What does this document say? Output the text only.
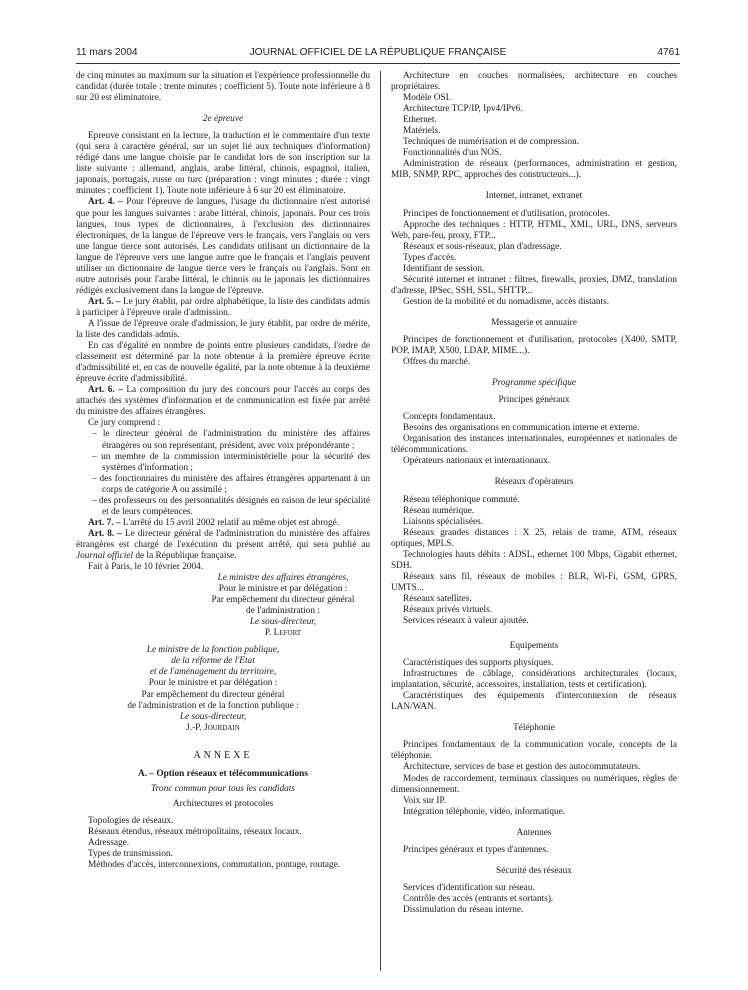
11 mars 2004	JOURNAL OFFICIEL DE LA RÉPUBLIQUE FRANÇAISE	4761

de cinq minutes au maximum sur la situation et l'expérience professionnelle du candidat (durée totale : trente minutes ; coefficient 5). Toute note inférieure à 8 sur 20 est éliminatoire.

2e épreuve

Epreuve consistant en la lecture, la traduction et le commentaire d'un texte (qui sera à caractère général, sur un sujet lié aux techniques d'information) rédigé dans une langue choisie par le candidat lors de son inscription sur la liste suivante : allemand, anglais, arabe littéral, chinois, espagnol, italien, japonais, portugais, russe ou turc (préparation : vingt minutes ; durée : vingt minutes ; coefficient 1). Toute note inférieure à 6 sur 20 est éliminatoire.

Art. 4. – Pour l'épreuve de langues, l'usage du dictionnaire n'est autorisé que pour les langues suivantes : arabe littéral, chinois, japonais. Pour ces trois langues, tous types de dictionnaires, à l'exclusion des dictionnaires électroniques, de la langue de l'épreuve vers le français, vers l'anglais ou vers une langue tierce sont autorisés. Les candidats utilisant un dictionnaire de la langue de l'épreuve vers une langue autre que le français et l'anglais peuvent utiliser un dictionnaire de langue tierce vers le français ou l'anglais. Sont en outre autorisés pour l'arabe littéral, le chinois ou le japonais les dictionnaires rédigés exclusivement dans la langue de l'épreuve.

Art. 5. – Le jury établit, par ordre alphabétique, la liste des candidats admis à participer à l'épreuve orale d'admission.

A l'issue de l'épreuve orale d'admission, le jury établit, par ordre de mérite, la liste des candidats admis.

En cas d'égalité en nombre de points entre plusieurs candidats, l'ordre de classement est déterminé par la note obtenue à la première épreuve écrite d'admissibilité et, en cas de nouvelle égalité, par la note obtenue à la deuxième épreuve écrite d'admissibilité.

Art. 6. – La composition du jury des concours pour l'accès au corps des attachés des systèmes d'information et de communication est fixée par arrêté du ministre des affaires étrangères.

Ce jury comprend :

– le directeur général de l'administration du ministère des affaires étrangères ou son représentant, président, avec voix prépondérante ;

– un membre de la commission interministérielle pour la sécurité des systèmes d'information ;

– des fonctionnaires du ministère des affaires étrangères appartenant à un corps de catégorie A ou assimilé ;

– des professeurs ou des personnalités désignés en raison de leur spécialité et de leurs compétences.

Art. 7. – L'arrêté du 15 avril 2002 relatif au même objet est abrogé.

Art. 8. – Le directeur général de l'administration du ministère des affaires étrangères est chargé de l'exécution du présent arrêté, qui sera publié au Journal officiel de la République française.

Fait à Paris, le 10 février 2004.

Le ministre des affaires étrangères,

Pour le ministre et par délégation :

Par empêchement du directeur général

de l'administration :

Le sous-directeur,

P. Lefort

Le ministre de la fonction publique,

de la réforme de l'Etat

et de l'aménagement du territoire,

Pour le ministre et par délégation :

Par empêchement du directeur général

de l'administration et de la fonction publique :

Le sous-directeur,

J.-P. Jourdain

ANNEXE

A. – Option réseaux et télécommunications

Tronc commun pour tous les candidats

Architectures et protocoles

Topologies de réseaux.

Réseaux étendus, réseaux métropolitains, réseaux locaux.

Adressage.

Types de transmission.

Méthodes d'accès, interconnexions, commutation, pontage, routage.

Architecture en couches normalisées, architecture en couches propriétaires.

Modèle OSI.

Architecture TCP/IP, Ipv4/IPv6.

Ethernet.

Matériels.

Techniques de numérisation et de compression.

Fonctionnalités d'un NOS.

Administration de réseaux (performances, administration et gestion, MIB, SNMP, RPC, approches des constructeurs...).

Internet, intranet, extranet

Principes de fonctionnement et d'utilisation, protocoles.

Approche des techniques : HTTP, HTML, XML, URL, DNS, serveurs Web, pare-feu, proxy, FTP...

Réseaux et sous-réseaux, plan d'adressage.

Types d'accès.

Identifiant de session.

Sécurité internet et intranet : filtres, firewalls, proxies, DMZ, translation d'adresse, IPSec, SSH, SSL, SHTTP...

Gestion de la mobilité et du nomadisme, accès distants.

Messagerie et annuaire

Principes de fonctionnement et d'utilisation, protocoles (X400, SMTP, POP, IMAP, X500, LDAP, MIME...).

Offres du marché.

Programme spécifique

Principes généraux

Concepts fondamentaux.

Besoins des organisations en communication interne et externe.

Organisation des instances internationales, européennes et nationales de télécommunications.

Opérateurs nationaux et internationaux.

Réseaux d'opérateurs

Réseau téléphonique commuté.

Réseau numérique.

Liaisons spécialisées.

Réseaux grandes distances : X 25, relais de trame, ATM, réseaux optiques, MPLS.

Technologies hauts débits : ADSL, ethernet 100 Mbps, Gigabit ethernet, SDH.

Réseaux sans fil, réseaux de mobiles : BLR, Wi-Fi, GSM, GPRS, UMTS...

Réseaux satellites.

Réseaux privés virtuels.

Services réseaux à valeur ajoutée.

Equipements

Caractéristiques des supports physiques.

Infrastructures de câblage, considérations architecturales (locaux, implantation, sécurité, accessoires, installation, tests et certification).

Caractéristiques des équipements d'interconnexion de réseaux LAN/WAN.

Téléphonie

Principes fondamentaux de la communication vocale, concepts de la téléphonie.

Architecture, services de base et gestion des autocommutateurs.

Modes de raccordement, terminaux classiques ou numériques, règles de dimensionnement.

Voix sur IP.

Intégration téléphonie, vidéo, informatique.

Antennes

Principes généraux et types d'antennes.

Sécurité des réseaux

Services d'identification sur réseau.

Contrôle des accès (entrants et sortants).

Dissimulation du réseau interne.
